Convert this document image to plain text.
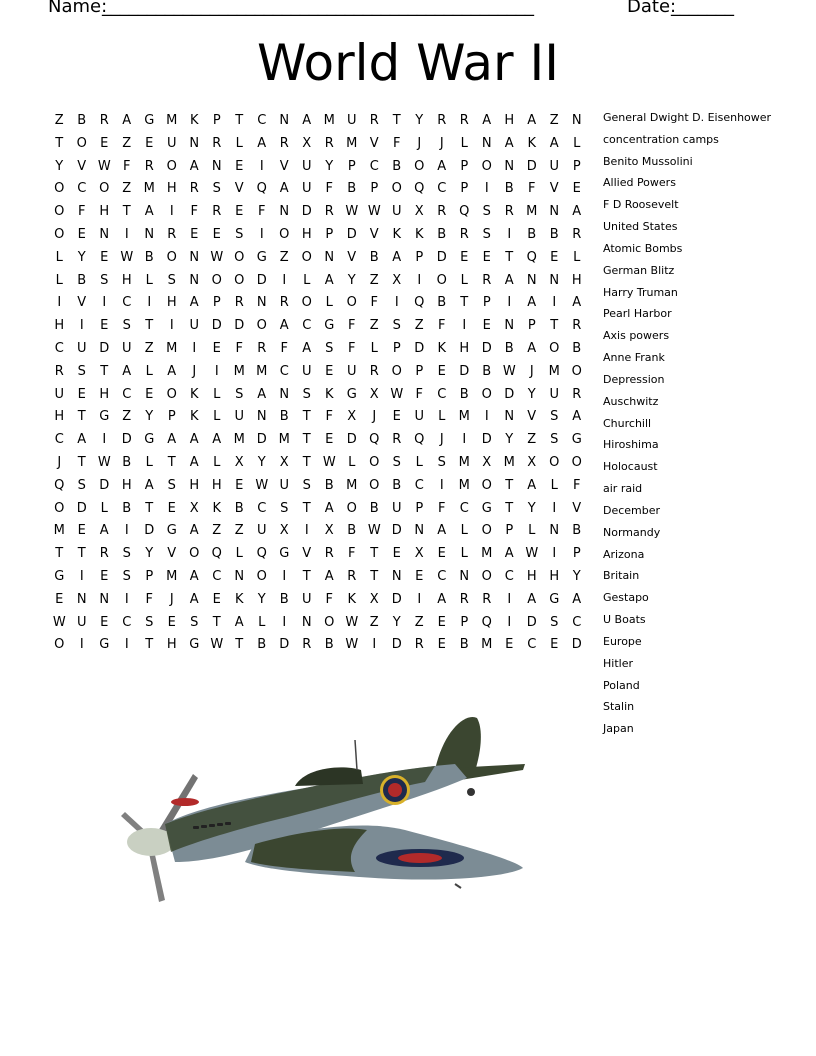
Name:
________________________________________________	Date:
_______
World War II
Z	B	R	A	G M K	P	T	C	N	A M U	R	T	Y	R	R	A	H	A	Z	N
T	O	E	Z	E	U N	R	L	A	R	X	R M V	F	J	J	L	N	A	K	A	L
Y	V W F	R O A	N	E	I	V	U	Y	P	C	B O A	P	O N D U	P
O C O Z M H	R	S	V Q A	U	F	B	P	O Q C	P	I	B	F	V	E
O	F	H	T	A	I	F	R	E	F	N D R W W U	X	R Q	S	R M N	A
O	E	N	I	N	R	E	E	S	I	O H	P	D	V	K	K	B	R	S	I	B	B	R
L	Y	E W B O N W O G	Z O N	V	B	A	P	D	E	E	T	Q	E	L
L	B	S	H	L	S	N O O D	I	L	A	Y	Z	X	I	O	L	R	A	N N H
I	V	I	C	I	H	A	P	R	N	R O	L	O	F	I	Q B	T	P	I	A	I	A
H	I	E	S	T	I	U D D O A	C G	F	Z	S	Z	F	I	E	N	P	T	R
C	U D U	Z M	I	E	F	R	F	A	S	F	L	P	D	K	H D	B	A O B
R	S	T	A	L	A	J	I	M M C	U	E	U	R O	P	E	D	B W	J	M O
U	E	H	C	E	O	K	L	S	A	N	S	K	G	X W F	C	B O D	Y	U	R
H	T	G	Z	Y	P	K	L	U N	B	T	F	X	J	E	U	L	M	I	N	V	S	A
C	A	I	D G	A	A	A M D M T	E	D Q R Q	J	I	D	Y	Z	S	G
J	T W B	L	T	A	L	X	Y	X	T W L	O	S	L	S M X M X O O
Q	S	D H	A	S	H H	E W U	S	B M O B	C	I	M O	T	A	L	F
O D	L	B	T	E	X	K	B	C	S	T	A O B	U	P	F	C G	T	Y	I	V
M E	A	I	D G	A	Z	Z	U	X	I	X	B W D N	A	L	O	P	L	N	B
T	T	R	S	Y	V O Q	L	Q G	V	R	F	T	E	X	E	L	M A W	I	P
G	I	E	S	P M A	C	N O	I	T	A	R	T	N	E	C	N O C	H H	Y
E	N N	I	F	J	A	E	K	Y	B	U	F	K	X	D	I	A	R	R	I	A	G	A
W U	E	C	S	E	S	T	A	L	I	N O W Z	Y	Z	E	P	Q	I	D	S	C
O	I	G	I	T	H G W T	B	D R	B W	I	D R	E	B M E	C	E	D
General Dwight D. Eisenhower
concentration camps
Benito Mussolini
Allied Powers
F D Roosevelt
United States
Atomic Bombs
German Blitz
Harry Truman
Pearl Harbor
Axis powers
Anne Frank
Depression
Auschwitz
Churchill
Hiroshima
Holocaust
air raid
December
Normandy
Arizona
Britain
Gestapo
U Boats
Europe
Hitler
Poland
Stalin
Japan
